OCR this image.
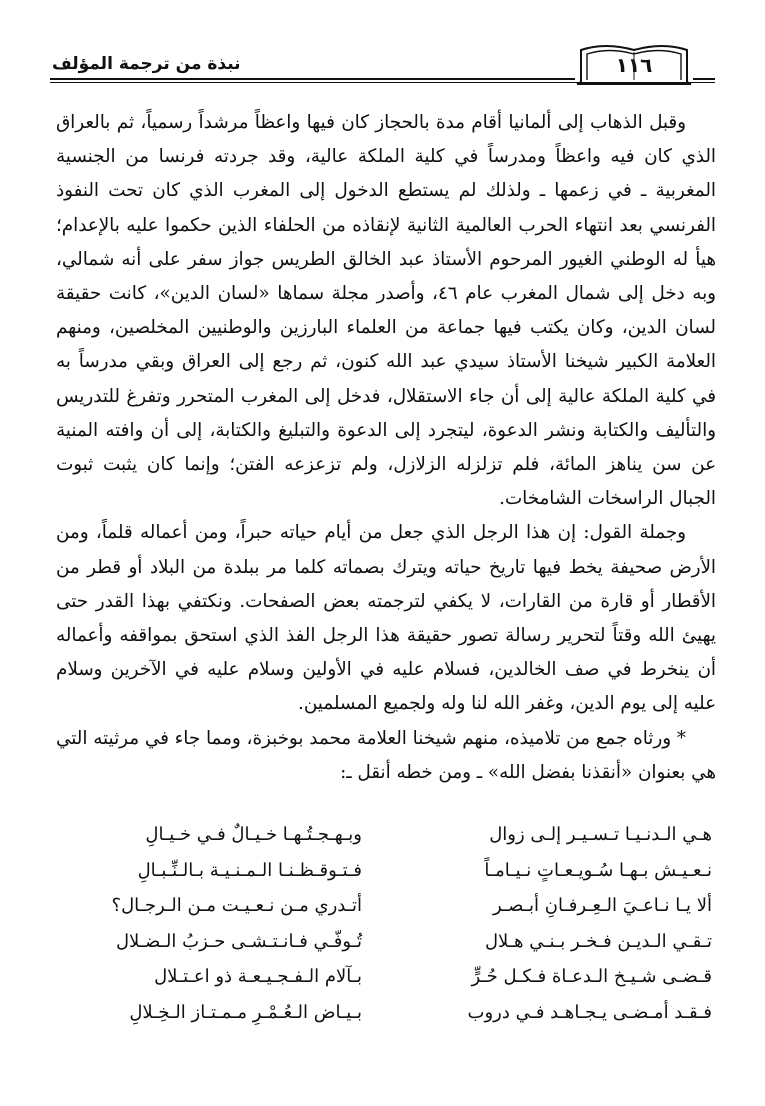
نبذة من ترجمة المؤلف	١١٦

وقبل الذهاب إلى ألمانيا أقام مدة بالحجاز كان فيها واعظاً مرشداً رسمياً، ثم بالعراق الذي كان فيه واعظاً ومدرساً في كلية الملكة عالية، وقد جردته فرنسا من الجنسية المغربية ـ في زعمها ـ ولذلك لم يستطع الدخول إلى المغرب الذي كان تحت النفوذ الفرنسي بعد انتهاء الحرب العالمية الثانية لإنقاذه من الحلفاء الذين حكموا عليه بالإعدام؛ هيأ له الوطني الغيور المرحوم الأستاذ عبد الخالق الطريس جواز سفر على أنه شمالي، وبه دخل إلى شمال المغرب عام ٤٦، وأصدر مجلة سماها «لسان الدين»، كانت حقيقة لسان الدين، وكان يكتب فيها جماعة من العلماء البارزين والوطنيين المخلصين، ومنهم العلامة الكبير شيخنا الأستاذ سيدي عبد الله كنون، ثم رجع إلى العراق وبقي مدرساً به في كلية الملكة عالية إلى أن جاء الاستقلال، فدخل إلى المغرب المتحرر وتفرغ للتدريس والتأليف والكتابة ونشر الدعوة، ليتجرد إلى الدعوة والتبليغ والكتابة، إلى أن وافته المنية عن سن يناهز المائة، فلم تزلزله الزلازل، ولم تزعزعه الفتن؛ وإنما كان يثبت ثبوت الجبال الراسخات الشامخات.

وجملة القول: إن هذا الرجل الذي جعل من أيام حياته حبراً، ومن أعماله قلماً، ومن الأرض صحيفة يخط فيها تاريخ حياته ويترك بصماته كلما مر ببلدة من البلاد أو قطر من الأقطار أو قارة من القارات، لا يكفي لترجمته بعض الصفحات. ونكتفي بهذا القدر حتى يهيئ الله وقتاً لتحرير رسالة تصور حقيقة هذا الرجل الفذ الذي استحق بمواقفه وأعماله أن ينخرط في صف الخالدين، فسلام عليه في الأولين وسلام عليه في الآخرين وسلام عليه إلى يوم الدين، وغفر الله لنا وله ولجميع المسلمين.

* ورثاه جمع من تلاميذه، منهم شيخنا العلامة محمد بوخبزة، ومما جاء في مرثيته التي هي بعنوان «أنقذنا بفضل الله» ـ ومن خطه أنقل ـ:

هـي الـدنـيـا تـسـيـر إلـى زوال
وبـهـجـتُـهـا خـيـالٌ فـي خـيـالِ
نـعـيـش بـهـا سُـويـعـاتٍ نـيـامـاً
فـتـوقـظـنـا الـمـنـيـة بـالـنِّـبـالِ
ألا يـا نـاعـيَ الـعِـرفـانِ أبـصـر
أتـدري مـن نـعـيـت مـن الـرجـال؟
تـقـي الـديـن فـخـر بـنـي هـلال
تُـوفّـي فـانـتـشـى حـزبُ الـضـلال
قـضـى شـيـخ الـدعـاة فـكـل حُـرٍّ
بـآلام الـفـجـيـعـة ذو اعـتـلال
فـقـد أمـضـى يـجـاهـد فـي دروب
بـيـاض الـعُـمْـرِ مـمـتـاز الـخِـلالِ
